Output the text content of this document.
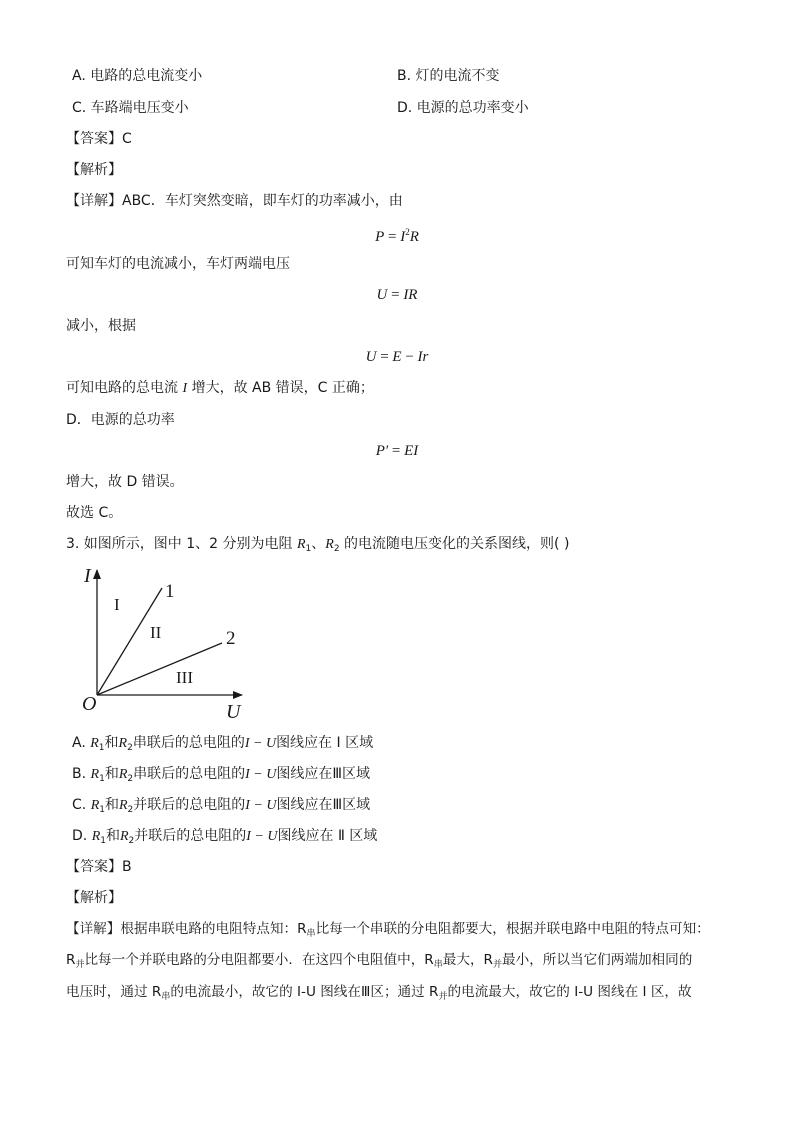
A. 电路的总电流变小	B. 灯的电流不变
C. 车路端电压变小	D. 电源的总功率变小
【答案】C
【解析】
【详解】ABC．车灯突然变暗，即车灯的功率减小，由
$P = I^2R$
可知车灯的电流减小，车灯两端电压
U = IR
减小，根据
U = E − Ir
可知电路的总电流 I 增大，故 AB 错误，C 正确；
D．电源的总功率
P′ = EI
增大，故 D 错误。
故选 C。
3. 如图所示，图中 1、2 分别为电阻 $R_1$、$R_2$ 的电流随电压变化的关系图线，则( )
I
U
O
1
2
I
II
III
A. $R_1$和$R_2$串联后的总电阻的I − U图线应在 Ⅰ 区域
B. $R_1$和$R_2$串联后的总电阻的I − U图线应在Ⅲ区域
C. $R_1$和$R_2$并联后的总电阻的I − U图线应在Ⅲ区域
D. $R_1$和$R_2$并联后的总电阻的I − U图线应在 Ⅱ 区域
【答案】B
【解析】
【详解】根据串联电路的电阻特点知：$R_串$比每一个串联的分电阻都要大，根据并联电路中电阻的特点可知：
$R_并$比每一个并联电路的分电阻都要小．在这四个电阻值中，$R_串$最大，$R_并$最小，所以当它们两端加相同的
电压时，通过 $R_串$的电流最小，故它的 I-U 图线在Ⅲ区；通过 $R_并$的电流最大，故它的 I-U 图线在 Ⅰ 区，故
